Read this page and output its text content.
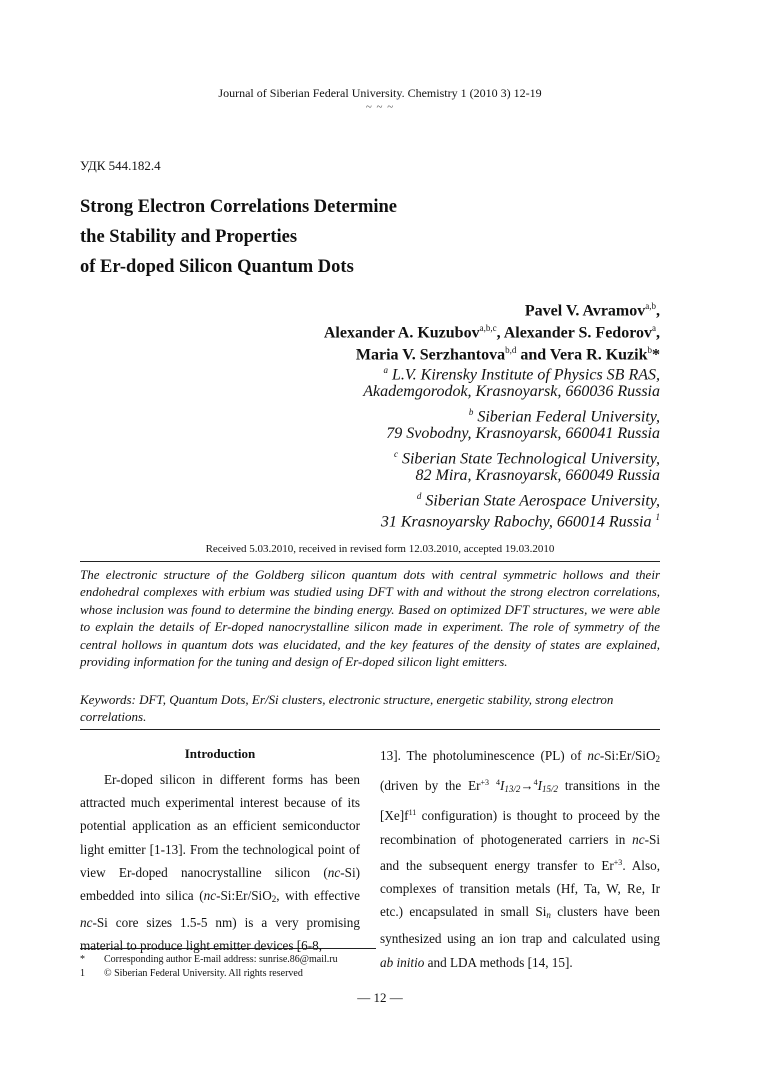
Journal of Siberian Federal University. Chemistry 1 (2010 3) 12-19
~ ~ ~
УДК 544.182.4
Strong Electron Correlations Determine
the Stability and Properties
of Er-doped Silicon Quantum Dots
Pavel V. Avramov$^{a,b}$,
Alexander A. Kuzubov$^{a,b,c}$, Alexander S. Fedorov$^a$,
Maria V. Serzhantova$^{b,d}$ and Vera R. Kuzik$^b$*
$^a$ L.V. Kirensky Institute of Physics SB RAS,
Akademgorodok, Krasnoyarsk, 660036 Russia
$^b$ Siberian Federal University,
79 Svobodny, Krasnoyarsk, 660041 Russia
$^c$ Siberian State Technological University,
82 Mira, Krasnoyarsk, 660049 Russia
$^d$ Siberian State Aerospace University,
31 Krasnoyarsky Rabochy, 660014 Russia $^1$
Received 5.03.2010, received in revised form 12.03.2010, accepted 19.03.2010
The electronic structure of the Goldberg silicon quantum dots with central symmetric hollows and their endohedral complexes with erbium was studied using DFT with and without the strong electron correlations, whose inclusion was found to determine the binding energy. Based on optimized DFT structures, we were able to explain the details of Er-doped nanocrystalline silicon made in experiment. The role of symmetry of the central hollows in quantum dots was elucidated, and the key features of the density of states are explained, providing information for the tuning and design of Er-doped silicon light emitters.
Keywords: DFT, Quantum Dots, Er/Si clusters, electronic structure, energetic stability, strong electron correlations.
Introduction

Er-doped silicon in different forms has been attracted much experimental interest because of its potential application as an efficient semiconductor light emitter [1-13]. From the technological point of view Er-doped nanocrystalline silicon (nc-Si) embedded into silica (nc-Si:Er/SiO$_2$, with effective nc-Si core sizes 1.5-5 nm) is a very promising material to produce light emitter devices [6-8,

13]. The photoluminescence (PL) of nc-Si:Er/SiO$_2$ (driven by the $Er^{+3}$ $^4I_{13/2}\to^4I_{15/2}$ transitions in the $[Xe]f^{11}$ configuration) is thought to proceed by the recombination of photogenerated carriers in nc-Si and the subsequent energy transfer to $Er^{+3}$. Also, complexes of transition metals (Hf, Ta, W, Re, Ir etc.) encapsulated in small $Si_n$ clusters have been synthesized using an ion trap and calculated using ab initio and LDA methods [14, 15].

* Corresponding author E-mail address: sunrise.86@mail.ru
1 © Siberian Federal University. All rights reserved
— 12 —
